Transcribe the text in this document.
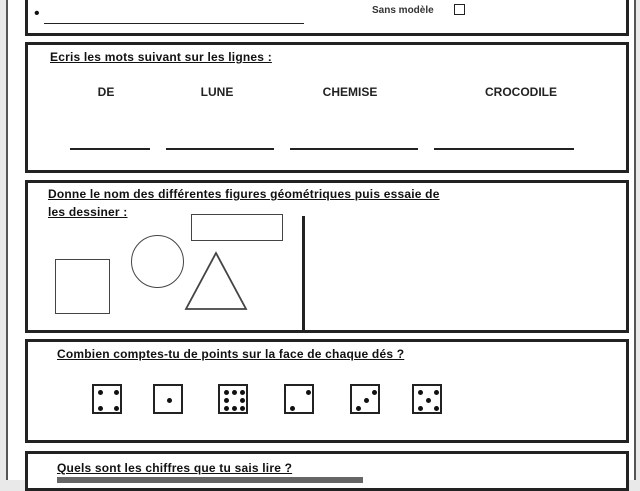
•	Sans modèle
Ecris les mots suivant sur les lignes :
DE	LUNE	CHEMISE	CROCODILE
Donne le nom des différentes figures géométriques puis essaie de
les dessiner :
Combien comptes-tu de points sur la face de chaque dés ?
Quels sont les chiffres que tu sais lire ?
